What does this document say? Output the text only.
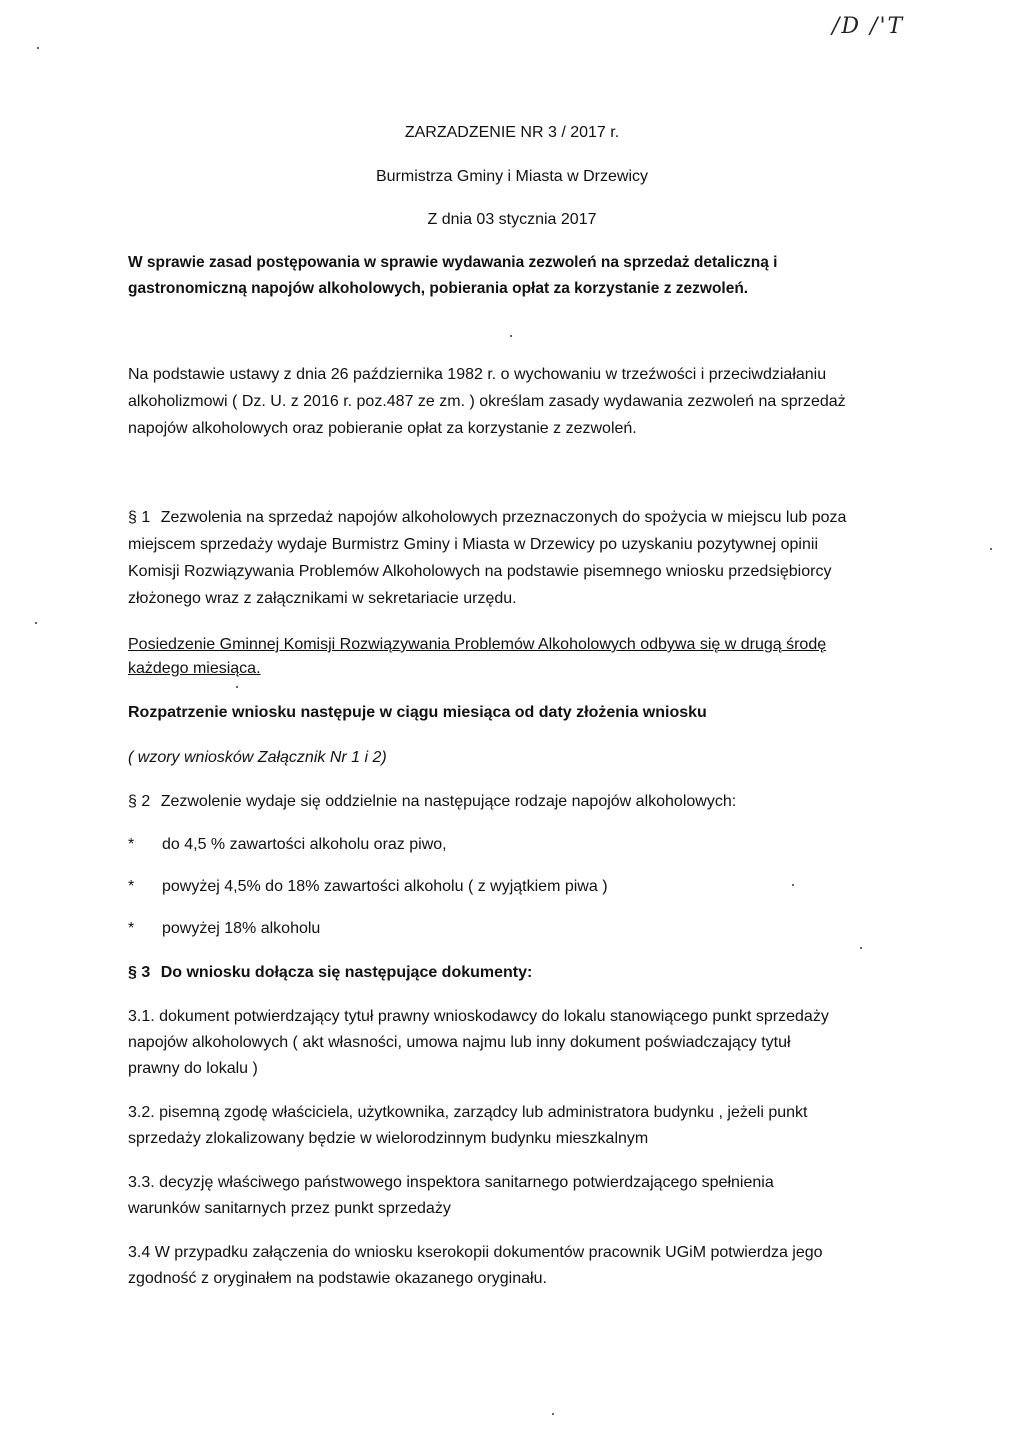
/D /'T
ZARZADZENIE NR 3 / 2017 r.
Burmistrza Gminy i Miasta w Drzewicy
Z dnia 03 stycznia 2017
W sprawie zasad postępowania w sprawie wydawania zezwoleń na sprzedaż detaliczną i
gastronomiczną napojów alkoholowych, pobierania opłat za korzystanie z zezwoleń.
Na podstawie ustawy z dnia 26 października 1982 r. o wychowaniu w trzeźwości i przeciwdziałaniu
alkoholizmowi ( Dz. U. z 2016 r. poz.487 ze zm. ) określam zasady wydawania zezwoleń na sprzedaż
napojów alkoholowych oraz pobieranie opłat za korzystanie z zezwoleń.
§ 1 Zezwolenia na sprzedaż napojów alkoholowych przeznaczonych do spożycia w miejscu lub poza
miejscem sprzedaży wydaje Burmistrz Gminy i Miasta w Drzewicy po uzyskaniu pozytywnej opinii
Komisji Rozwiązywania Problemów Alkoholowych na podstawie pisemnego wniosku przedsiębiorcy
złożonego wraz z załącznikami w sekretariacie urzędu.
Posiedzenie Gminnej Komisji Rozwiązywania Problemów Alkoholowych odbywa się w drugą środę
każdego miesiąca.
Rozpatrzenie wniosku następuje w ciągu miesiąca od daty złożenia wniosku
( wzory wniosków Załącznik Nr 1 i 2)
§ 2 Zezwolenie wydaje się oddzielnie na następujące rodzaje napojów alkoholowych:
* do 4,5 % zawartości alkoholu oraz piwo,
* powyżej 4,5% do 18% zawartości alkoholu ( z wyjątkiem piwa )
* powyżej 18% alkoholu
§ 3 Do wniosku dołącza się następujące dokumenty:
3.1. dokument potwierdzający tytuł prawny wnioskodawcy do lokalu stanowiącego punkt sprzedaży
napojów alkoholowych ( akt własności, umowa najmu lub inny dokument poświadczający tytuł
prawny do lokalu )
3.2. pisemną zgodę właściciela, użytkownika, zarządcy lub administratora budynku , jeżeli punkt
sprzedaży zlokalizowany będzie w wielorodzinnym budynku mieszkalnym
3.3. decyzję właściwego państwowego inspektora sanitarnego potwierdzającego spełnienia
warunków sanitarnych przez punkt sprzedaży
3.4 W przypadku załączenia do wniosku kserokopii dokumentów pracownik UGiM potwierdza jego
zgodność z oryginałem na podstawie okazanego oryginału.
